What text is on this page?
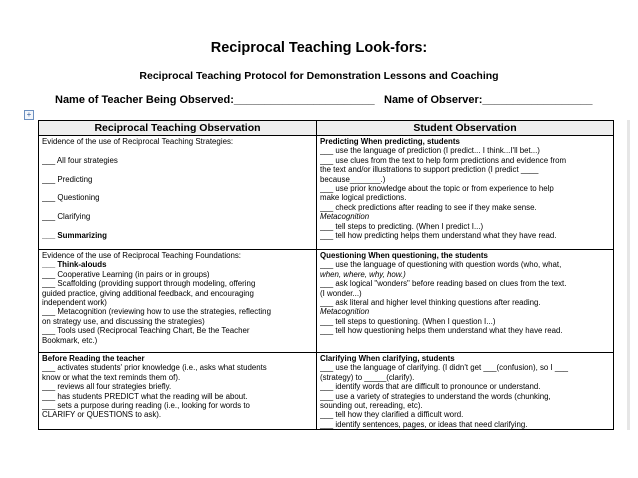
Reciprocal Teaching Look-fors:
Reciprocal Teaching Protocol for Demonstration Lessons and Coaching
Name of Teacher Being Observed:_______________________ Name of Observer:__________________
+
Reciprocal Teaching Observation	Student Observation
Evidence of the use of Reciprocal Teaching Strategies:
___ All four strategies
___ Predicting
___ Questioning
___ Clarifying
___ Summarizing
Predicting When predicting, students
___ use the language of prediction (I predict... I think...I'll bet...)
___ use clues from the text to help form predictions and evidence from
the text and/or illustrations to support prediction (I predict ____
because_______.)
___ use prior knowledge about the topic or from experience to help
make logical predictions.
___ check predictions after reading to see if they make sense.
Metacognition
___ tell steps to predicting. (When I predict I...)
___ tell how predicting helps them understand what they have read.
Evidence of the use of Reciprocal Teaching Foundations:
___ Think-alouds
___ Cooperative Learning (in pairs or in groups)
___ Scaffolding (providing support through modeling, offering
guided practice, giving additional feedback, and encouraging
independent work)
___ Metacognition (reviewing how to use the strategies, reflecting
on strategy use, and discussing the strategies)
___ Tools used (Reciprocal Teaching Chart, Be the Teacher
Bookmark, etc.)
Questioning When questioning, the students
___ use the language of questioning with question words (who, what,
when, where, why, how.)
___ ask logical "wonders" before reading based on clues from the text.
(I wonder...)
___ ask literal and higher level thinking questions after reading.
Metacognition
___ tell steps to questioning. (When I question I...)
___ tell how questioning helps them understand what they have read.
Before Reading the teacher
___ activates students' prior knowledge (i.e., asks what students
know or what the text reminds them of).
___ reviews all four strategies briefly.
___ has students PREDICT what the reading will be about.
___ sets a purpose during reading (i.e., looking for words to
CLARIFY or QUESTIONS to ask).
Clarifying When clarifying, students
___ use the language of clarifying. (I didn't get ___(confusion), so I ___
(strategy) to _____(clarify).
___ identify words that are difficult to pronounce or understand.
___ use a variety of strategies to understand the words (chunking,
sounding out, rereading, etc).
___ tell how they clarified a difficult word.
___ identify sentences, pages, or ideas that need clarifying.
